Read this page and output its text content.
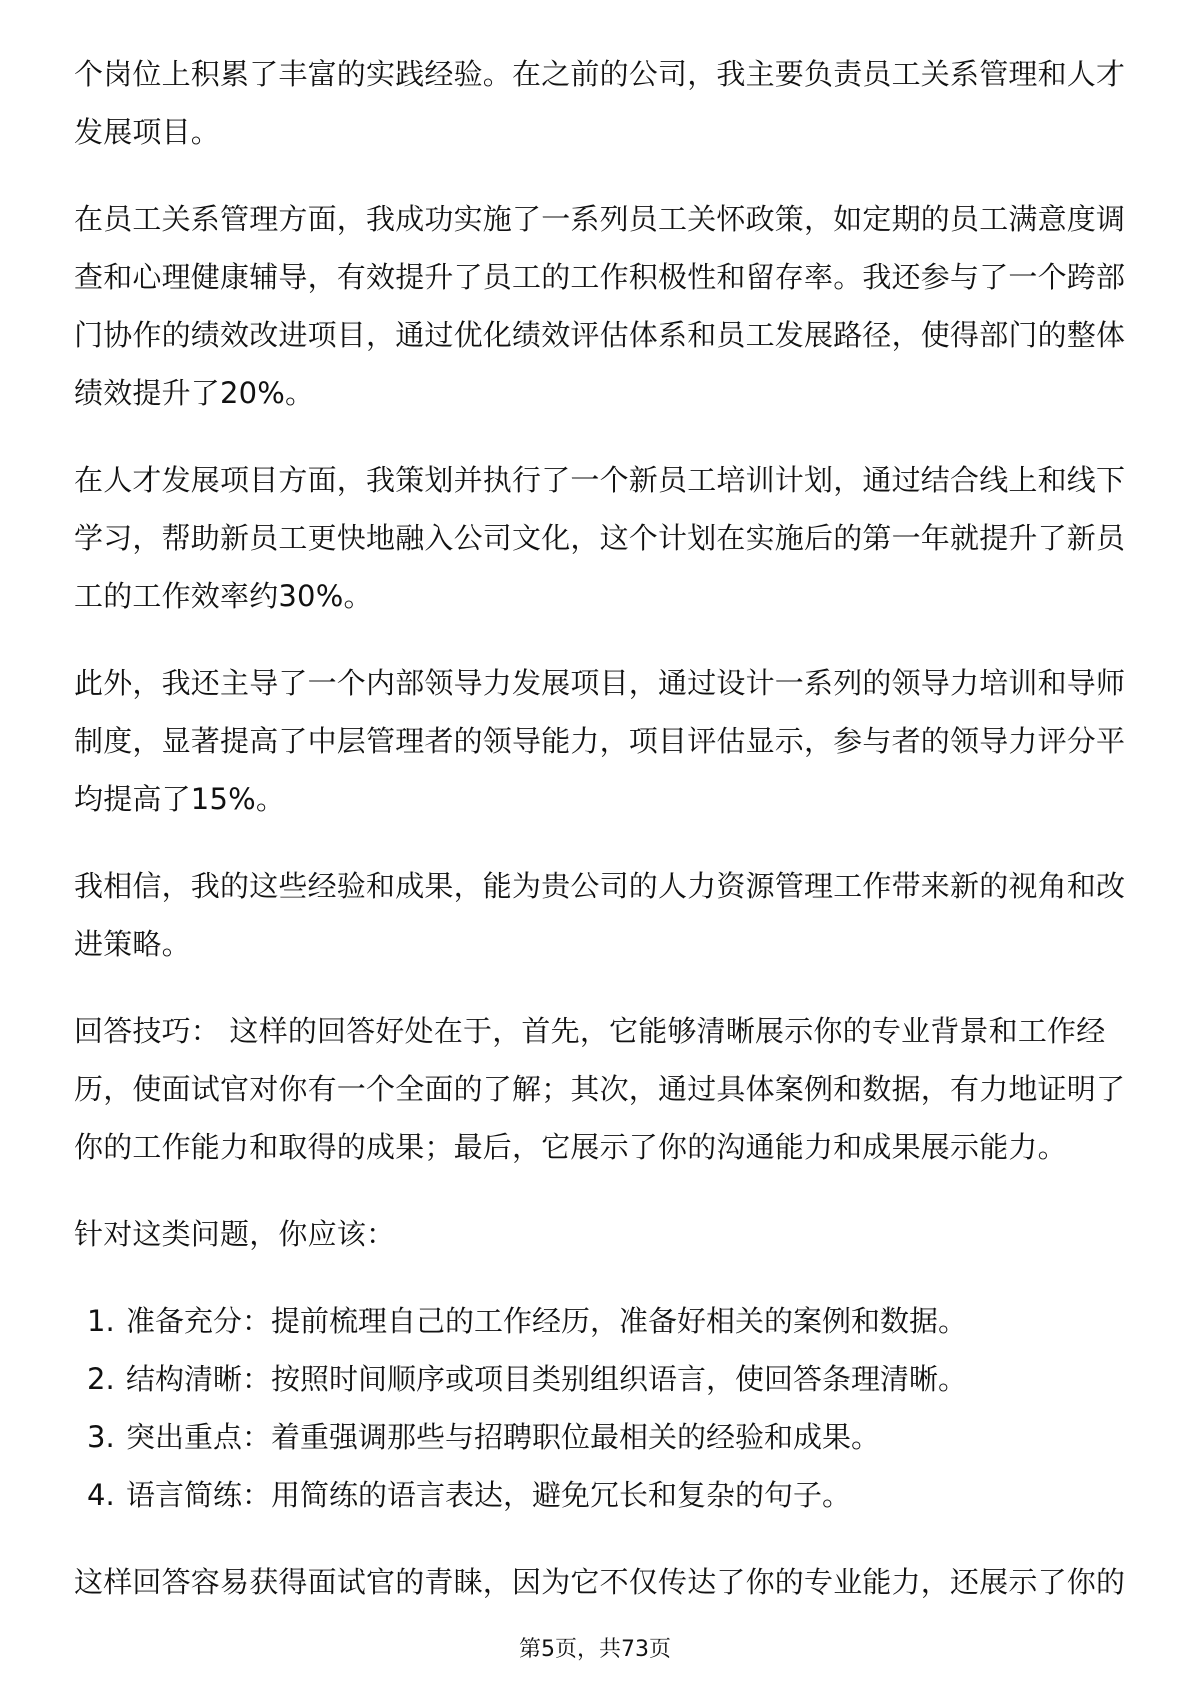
个岗位上积累了丰富的实践经验。在之前的公司，我主要负责员工关系管理和人才
发展项目。
在员工关系管理方面，我成功实施了一系列员工关怀政策，如定期的员工满意度调
查和心理健康辅导，有效提升了员工的工作积极性和留存率。我还参与了一个跨部
门协作的绩效改进项目，通过优化绩效评估体系和员工发展路径，使得部门的整体
绩效提升了20%。
在人才发展项目方面，我策划并执行了一个新员工培训计划，通过结合线上和线下
学习，帮助新员工更快地融入公司文化，这个计划在实施后的第一年就提升了新员
工的工作效率约30%。
此外，我还主导了一个内部领导力发展项目，通过设计一系列的领导力培训和导师
制度，显著提高了中层管理者的领导能力，项目评估显示，参与者的领导力评分平
均提高了15%。
我相信，我的这些经验和成果，能为贵公司的人力资源管理工作带来新的视角和改
进策略。
回答技巧： 这样的回答好处在于，首先，它能够清晰展示你的专业背景和工作经
历，使面试官对你有一个全面的了解；其次，通过具体案例和数据，有力地证明了
你的工作能力和取得的成果；最后，它展示了你的沟通能力和成果展示能力。
针对这类问题，你应该：
1. 准备充分：提前梳理自己的工作经历，准备好相关的案例和数据。
2. 结构清晰：按照时间顺序或项目类别组织语言，使回答条理清晰。
3. 突出重点：着重强调那些与招聘职位最相关的经验和成果。
4. 语言简练：用简练的语言表达，避免冗长和复杂的句子。
这样回答容易获得面试官的青睐，因为它不仅传达了你的专业能力，还展示了你的
第5页，共73页
